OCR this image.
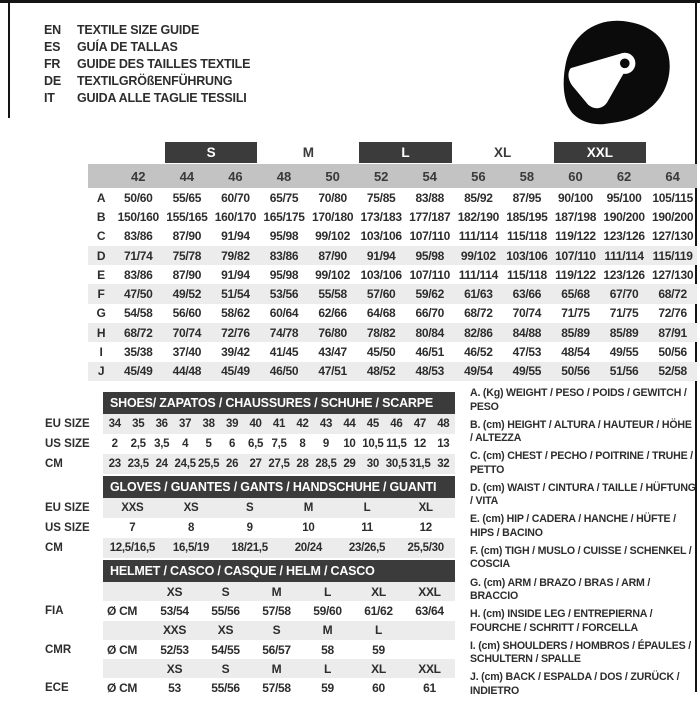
EN	TEXTILE SIZE GUIDE
ES	GUÍA DE TALLAS
FR	GUIDE DES TAILLES TEXTILE
DE	TEXTILGRÖßENFÜHRUNG
IT	GUIDA ALLE TAGLIE TESSILI
S	M	L	XL	XXL
42	44	46	48	50	52	54	56	58	60	62	64
A	50/60	55/65	60/70	65/75	70/80	75/85	83/88	85/92	87/95	90/100	95/100 105/115
B	150/160 155/165 160/170 165/175 170/180 173/183 177/187 182/190 185/195 187/198 190/200 190/200
C	83/86	87/90	91/94	95/98	99/102 103/106 107/110 111/114 115/118 119/122 123/126 127/130
D	71/74	75/78	79/82	83/86	87/90	91/94	95/98	99/102 103/106 107/110 111/114 115/119
E	83/86	87/90	91/94	95/98	99/102 103/106 107/110 111/114 115/118 119/122 123/126 127/130
F	47/50	49/52	51/54	53/56	55/58	57/60	59/62	61/63	63/66	65/68	67/70	68/72
G	54/58	56/60	58/62	60/64	62/66	64/68	66/70	68/72	70/74	71/75	71/75	72/76
H	68/72	70/74	72/76	74/78	76/80	78/82	80/84	82/86	84/88	85/89	85/89	87/91
I	35/38	37/40	39/42	41/45	43/47	45/50	46/51	46/52	47/53	48/54	49/55	50/56
J	45/49	44/48	45/49	46/50	47/51	48/52	48/53	49/54	49/55	50/56	51/56	52/58
SHOES/ ZAPATOS / CHAUSSURES / SCHUHE / SCARPE
EU SIZE	34 35 36 37 38 39 40 41 42 43 44 45 46 47 48
US SIZE	2	2,5 3,5	4	5	6	6,5 7,5	8	9	10 10,5 11,5 12 13
CM	23 23,5 24 24,5 25,5 26 27 27,5 28 28,5 29 30 30,5 31,5 32
GLOVES / GUANTES / GANTS / HANDSCHUHE / GUANTI
EU SIZE	XXS	XS	S	M	L	XL
US SIZE	7	8	9	10	11	12
CM	12,5/16,5	16,5/19	18/21,5	20/24	23/26,5	25,5/30
HELMET / CASCO / CASQUE / HELM / CASCO
XS	S	M	L	XL	XXL
FIA	Ø CM	53/54	55/56	57/58	59/60	61/62	63/64
XXS	XS	S	M	L
CMR	Ø CM	52/53	54/55	56/57	58	59
XS	S	M	L	XL	XXL
ECE	Ø CM	53	55/56	57/58	59	60	61
A. (Kg) WEIGHT / PESO / POIDS / GEWITCH / PESO
B. (cm) HEIGHT / ALTURA / HAUTEUR / HÖHE / ALTEZZA
C. (cm) CHEST / PECHO / POITRINE / TRUHE / PETTO
D. (cm) WAIST / CINTURA / TAILLE / HÜFTUNG / VITA
E. (cm) HIP / CADERA / HANCHE / HÜFTE / HIPS / BACINO
F. (cm) TIGH / MUSLO / CUISSE / SCHENKEL / COSCIA
G. (cm) ARM / BRAZO / BRAS / ARM / BRACCIO
H. (cm) INSIDE LEG / ENTREPIERNA / FOURCHE / SCHRITT / FORCELLA
I. (cm) SHOULDERS / HOMBROS / ÉPAULES / SCHULTERN / SPALLE
J. (cm) BACK / ESPALDA / DOS / ZURÜCK / INDIETRO
